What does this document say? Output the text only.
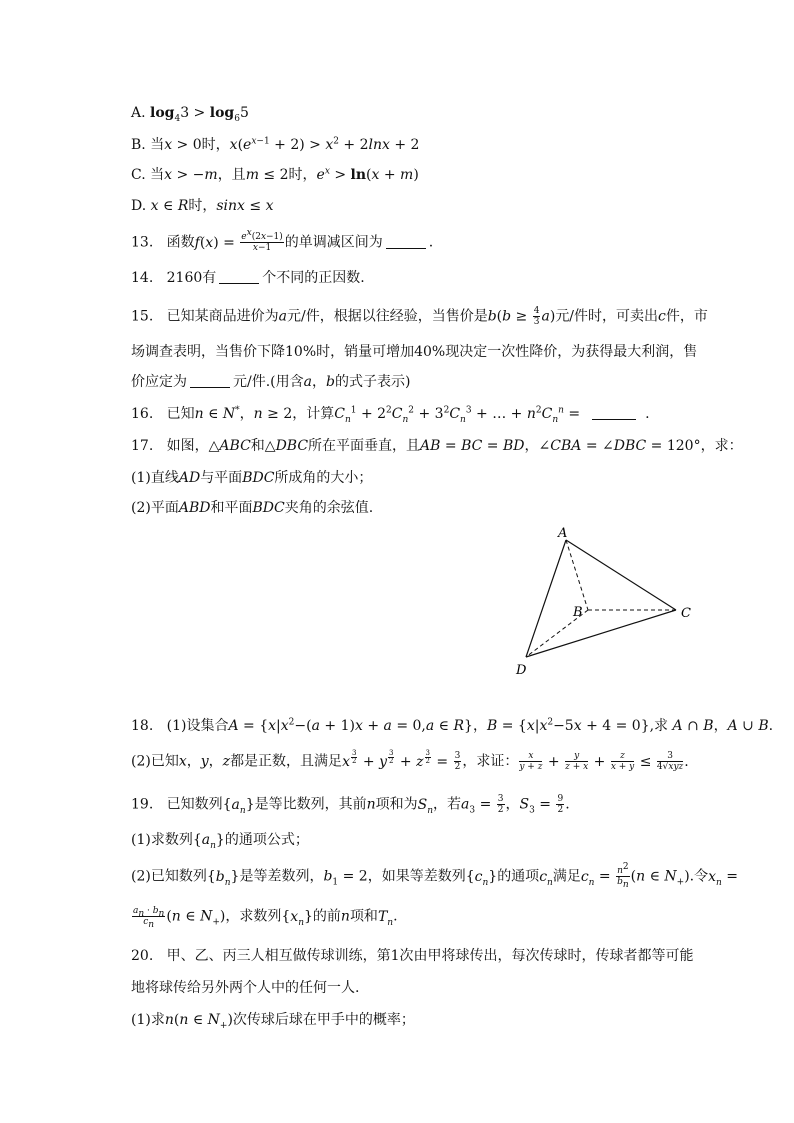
A. $\log_43 > \log_65$
B. 当x > 0时，$x(e^{x-1} + 2) > x^2 + 2\ln x + 2$
C. 当x > −m，且m ≤ 2时，$e^x > \ln(x + m)$
D. x ∈ R时，sinx ≤ x
13. 函数$f(x) = \frac{e^x(2x-1)}{x-1}$ 的单调减区间为	.
14. 2160有	个不同的正因数.
15. 已知某商品进价为a元/件，根据以往经验，当售价是$b(b \ge \frac{4}{3} a)$元/件时，可卖出c件，市
场调查表明，当售价下降10%时，销量可增加40%现决定一次性降价，为获得最大利润，售
价应定为	元/件.(用含a，b的式子表示)
16. 已知n ∈ N*，n ≥ 2，计算$C_n^1 + 2^2C_n^2 + 3^2C_n^3$ + … + $n^2C_n^n$ =	.
17. 如图，△ABC和△DBC所在平面垂直，且AB = BC = BD，∠CBA = ∠DBC = 120°，求：
(1)直线AD与平面BDC所成角的大小；
(2)平面ABD和平面BDC夹角的余弦值.
A
B	C
D
18. (1)设集合$A = \{x|x^2-(a + 1)x + a = 0,a$ ∈ R}，$B = \{x|x^2-5x + 4 = 0\}$,求 A ∩ B，A ∪ B.
(2)已知x，y，z都是正数，且满足x $^{\frac{3}{2}}$ + y $^{\frac{3}{2}}$ + z $^{\frac{3}{2}} = \frac{3}{2}$ ，求证： $\frac{x}{y + z} + \frac{y}{z + x} + \frac{z}{x + y} \le \frac{3}{\text{4√xyz}}$ .
19. 已知数列$\{a_n\}$是等比数列，其前n项和为$S_n$，若$a_3 = \frac{3}{2}$ ，$S_3 = \frac{9}{2}$ .
(1)求数列$\{a_n\}$的通项公式；
(2)已知数列$\{b_n\}$是等差数列，$b_1 = 2$，如果等差数列$\{c_n\}$的通项$c_n$满足$c_n = \frac{n^2}{b_n} (n$ ∈ $N_+$).令$x_n$ =
$\frac{a_n \cdot b_n}{c_n} (n$ ∈ $N_+$)，求数列$\{x_n\}$的前n项和$T_n$.
20. 甲、乙、丙三人相互做传球训练，第1次由甲将球传出，每次传球时，传球者都等可能
地将球传给另外两个人中的任何一人.
(1)求n(n ∈ $N_+$)次传球后球在甲手中的概率；
